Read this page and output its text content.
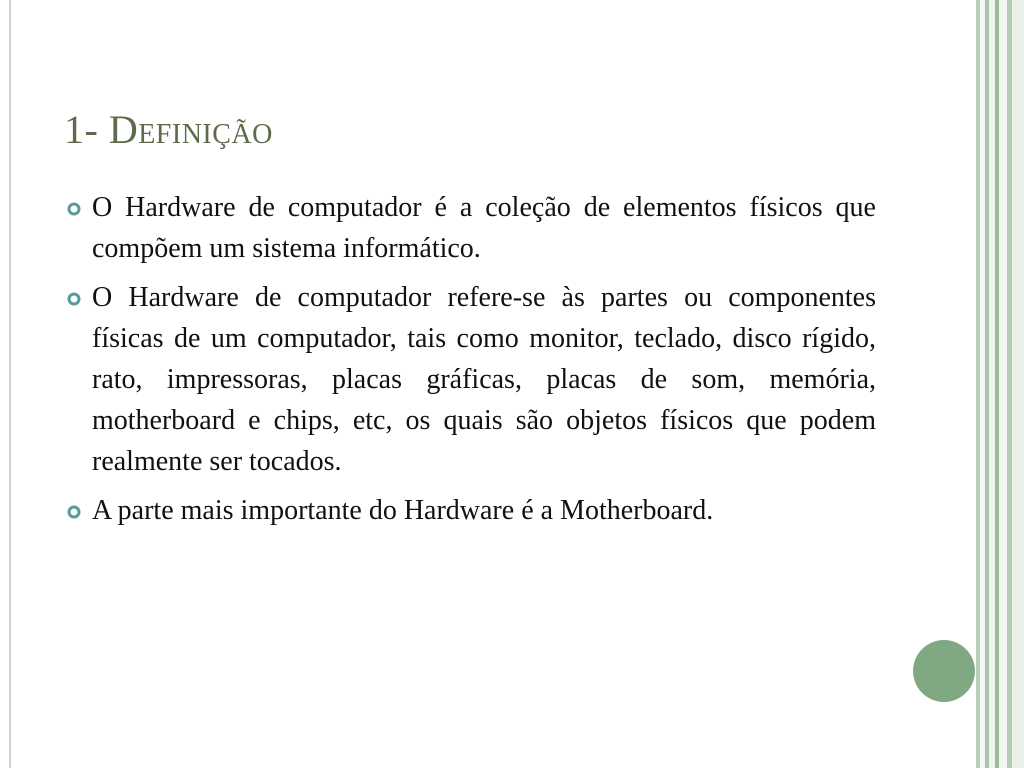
1- Definição
O Hardware de computador é a coleção de elementos físicos que compõem um sistema informático.
O Hardware de computador refere-se às partes ou componentes físicas de um computador, tais como monitor, teclado, disco rígido, rato, impressoras, placas gráficas, placas de som, memória, motherboard e chips, etc, os quais são objetos físicos que podem realmente ser tocados.
A parte mais importante do Hardware é a Motherboard.
